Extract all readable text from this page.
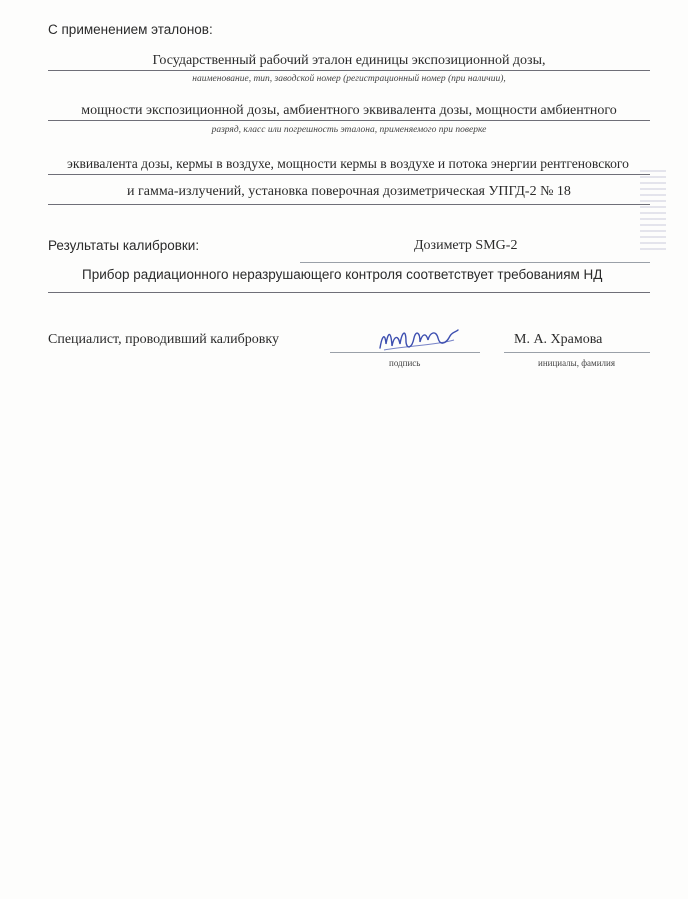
С применением эталонов:
Государственный рабочий эталон единицы экспозиционной дозы,
наименование, тип, заводской номер (регистрационный номер (при наличии),
мощности экспозиционной дозы, амбиентного эквивалента дозы, мощности амбиентного
разряд, класс или погрешность эталона, применяемого при поверке
эквивалента дозы, кермы в воздухе, мощности кермы в воздухе и потока энергии рентгеновского
и гамма-излучений, установка поверочная дозиметрическая УПГД-2 № 18
Результаты калибровки:	Дозиметр SMG-2
Прибор радиационного неразрушающего контроля соответствует требованиям НД
Специалист, проводивший калибровку
подпись
М. А. Храмова
инициалы, фамилия
